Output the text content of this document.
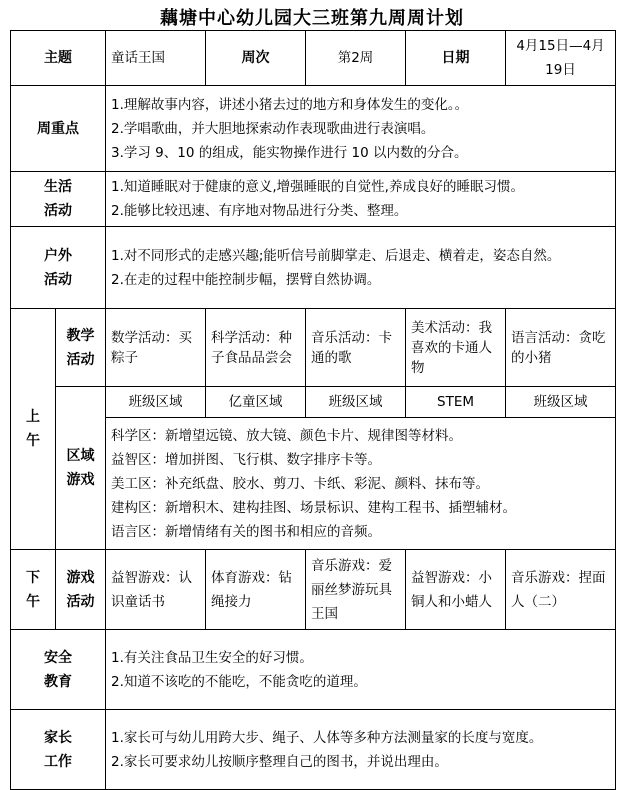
藕塘中心幼儿园大三班第九周周计划
主题		童话王国	周次	第2周	日期	4月15日—4月19日
周重点		1.理解故事内容，讲述小猪去过的地方和身体发生的变化。。
2.学唱歌曲，并大胆地探索动作表现歌曲进行表演唱。
3.学习 9、10 的组成，能实物操作进行 10 以内数的分合。				

生活
活动		1.知道睡眠对于健康的意义,增强睡眠的自觉性,养成良好的睡眠习惯。
2.能够比较迅速、有序地对物品进行分类、整理。				

户外
活动		1.对不同形式的走感兴趣;能听信号前脚掌走、后退走、横着走，姿态自然。
2.在走的过程中能控制步幅，摆臂自然协调。				

上
午	教学
活动	数学活动：买粽子	科学活动：种子食品品尝会	音乐活动：卡通的歌	美术活动：我喜欢的卡通人物	语言活动：贪吃的小猪

	区域
游戏	班级区域	亿童区域	班级区域	STEM	班级区域

		科学区：新增望远镜、放大镜、颜色卡片、规律图等材料。
益智区：增加拼图、飞行棋、数字排序卡等。
美工区：补充纸盘、胶水、剪刀、卡纸、彩泥、颜料、抹布等。
建构区：新增积木、建构挂图、场景标识、建构工程书、插塑辅材。
语言区：新增情绪有关的图书和相应的音频。				

下
午	游戏
活动	益智游戏：认识童话书	体育游戏：钻绳接力	音乐游戏：爱丽丝梦游玩具王国	益智游戏：小铜人和小蜡人	音乐游戏：捏面人（二）

安全
教育		1.有关注食品卫生安全的好习惯。
2.知道不该吃的不能吃，不能贪吃的道理。				

家长
工作		1.家长可与幼儿用跨大步、绳子、人体等多种方法测量家的长度与宽度。
2.家长可要求幼儿按顺序整理自己的图书，并说出理由。				
